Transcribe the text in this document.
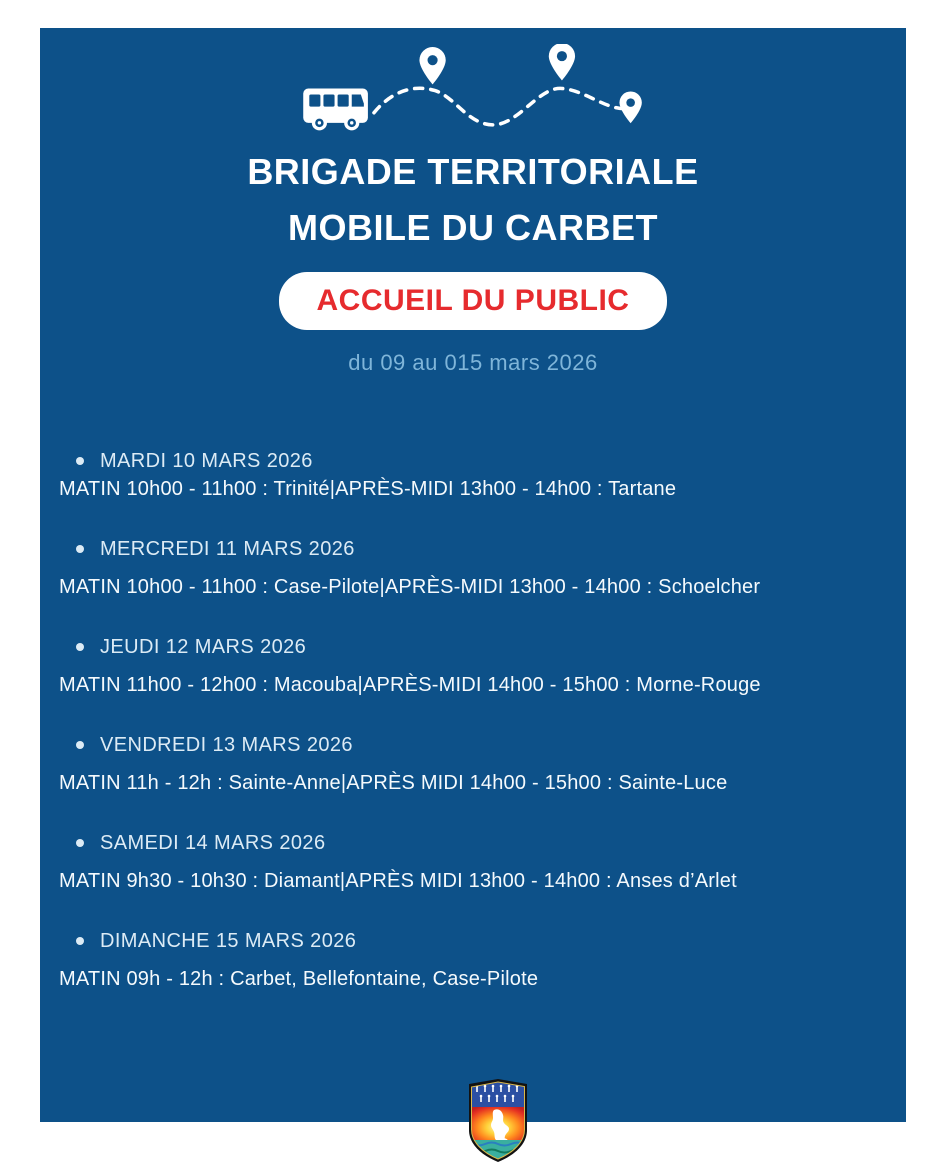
BRIGADE TERRITORIALE
MOBILE DU CARBET
ACCUEIL DU PUBLIC
du 09 au 015 mars 2026
MARDI 10 MARS 2026
MATIN 10h00 - 11h00 : Trinité|APRÈS-MIDI 13h00 - 14h00 : Tartane
MERCREDI 11 MARS 2026
MATIN 10h00 - 11h00 : Case-Pilote|APRÈS-MIDI 13h00 - 14h00 : Schoelcher
JEUDI 12 MARS 2026
MATIN 11h00 - 12h00 : Macouba|APRÈS-MIDI 14h00 - 15h00 : Morne-Rouge
VENDREDI 13 MARS 2026
MATIN 11h - 12h : Sainte-Anne|APRÈS MIDI 14h00 - 15h00 : Sainte-Luce
SAMEDI 14 MARS 2026
MATIN 9h30 - 10h30 : Diamant|APRÈS MIDI 13h00 - 14h00 : Anses d’Arlet
DIMANCHE 15 MARS 2026
MATIN 09h - 12h : Carbet, Bellefontaine, Case-Pilote
